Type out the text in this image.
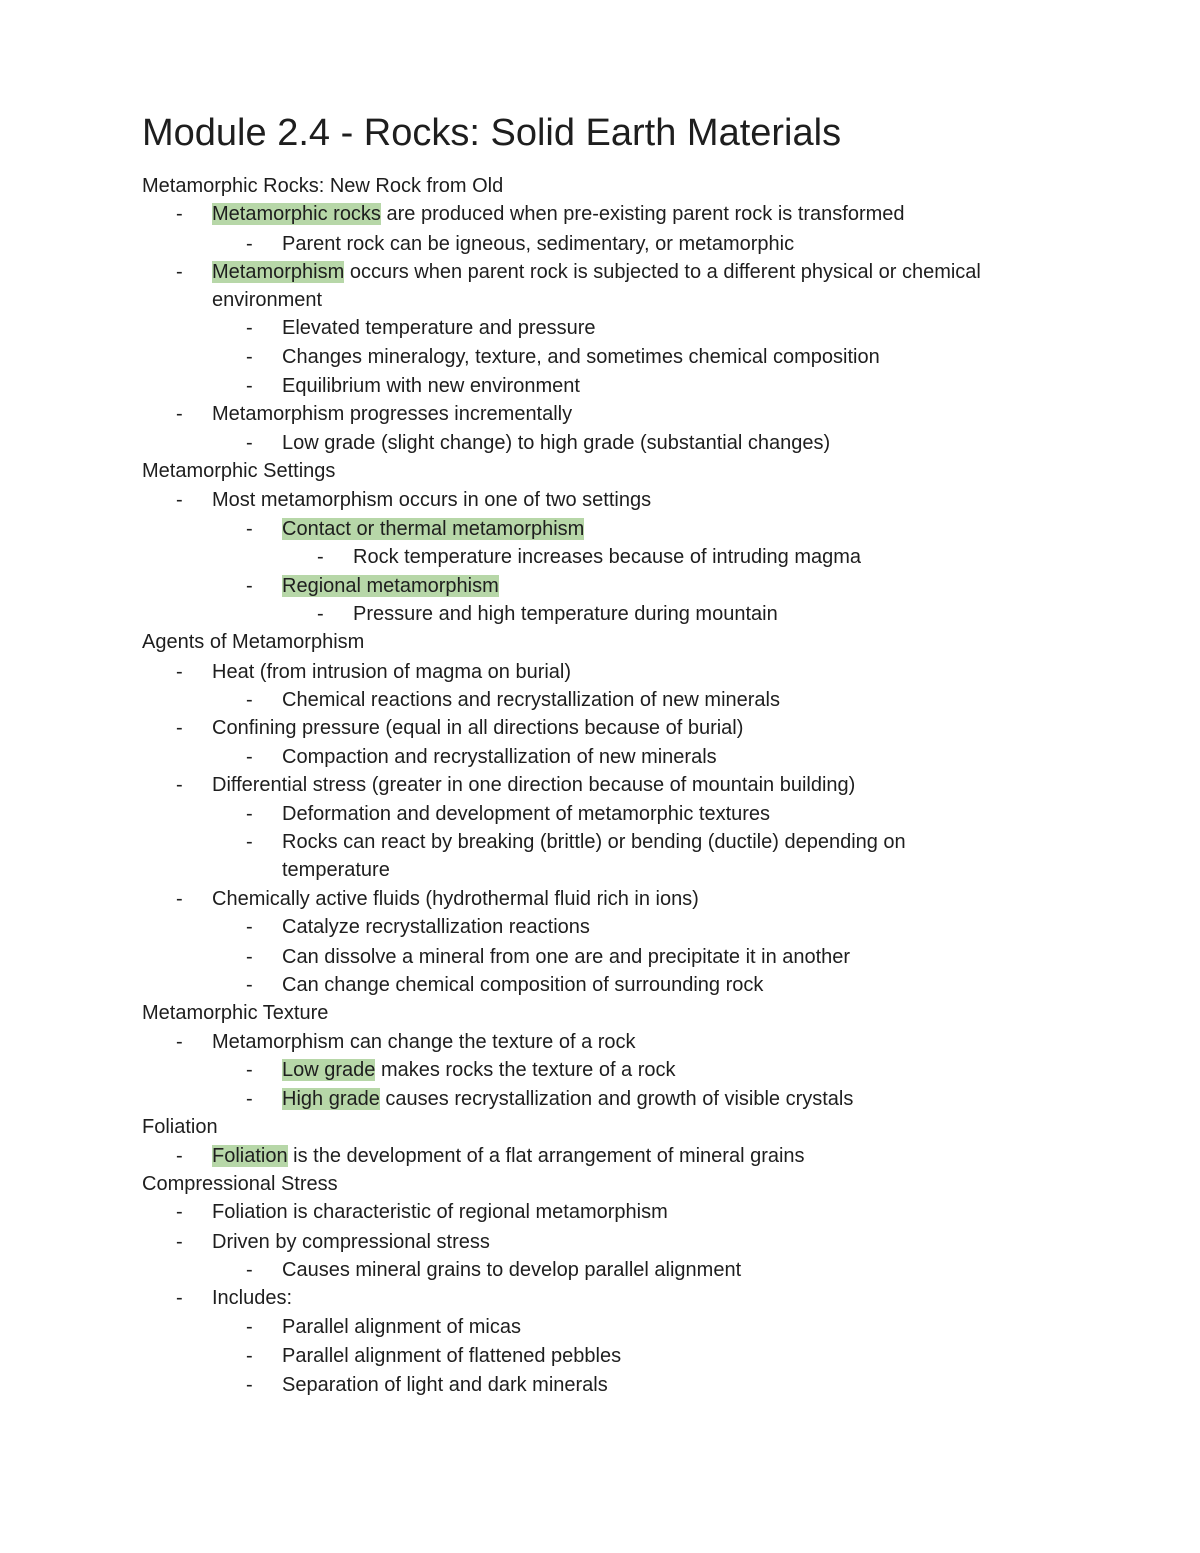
Module 2.4 - Rocks: Solid Earth Materials
Metamorphic Rocks: New Rock from Old
- Metamorphic rocks are produced when pre-existing parent rock is transformed
- Parent rock can be igneous, sedimentary, or metamorphic
- Metamorphism occurs when parent rock is subjected to a different physical or chemical
environment
- Elevated temperature and pressure
- Changes mineralogy, texture, and sometimes chemical composition
- Equilibrium with new environment
- Metamorphism progresses incrementally
- Low grade (slight change) to high grade (substantial changes)
Metamorphic Settings
- Most metamorphism occurs in one of two settings
- Contact or thermal metamorphism
- Rock temperature increases because of intruding magma
- Regional metamorphism
- Pressure and high temperature during mountain
Agents of Metamorphism
- Heat (from intrusion of magma on burial)
- Chemical reactions and recrystallization of new minerals
- Confining pressure (equal in all directions because of burial)
- Compaction and recrystallization of new minerals
- Differential stress (greater in one direction because of mountain building)
- Deformation and development of metamorphic textures
- Rocks can react by breaking (brittle) or bending (ductile) depending on
temperature
- Chemically active fluids (hydrothermal fluid rich in ions)
- Catalyze recrystallization reactions
- Can dissolve a mineral from one are and precipitate it in another
- Can change chemical composition of surrounding rock
Metamorphic Texture
- Metamorphism can change the texture of a rock
- Low grade makes rocks the texture of a rock
- High grade causes recrystallization and growth of visible crystals
Foliation
- Foliation is the development of a flat arrangement of mineral grains
Compressional Stress
- Foliation is characteristic of regional metamorphism
- Driven by compressional stress
- Causes mineral grains to develop parallel alignment
- Includes:
- Parallel alignment of micas
- Parallel alignment of flattened pebbles
- Separation of light and dark minerals
